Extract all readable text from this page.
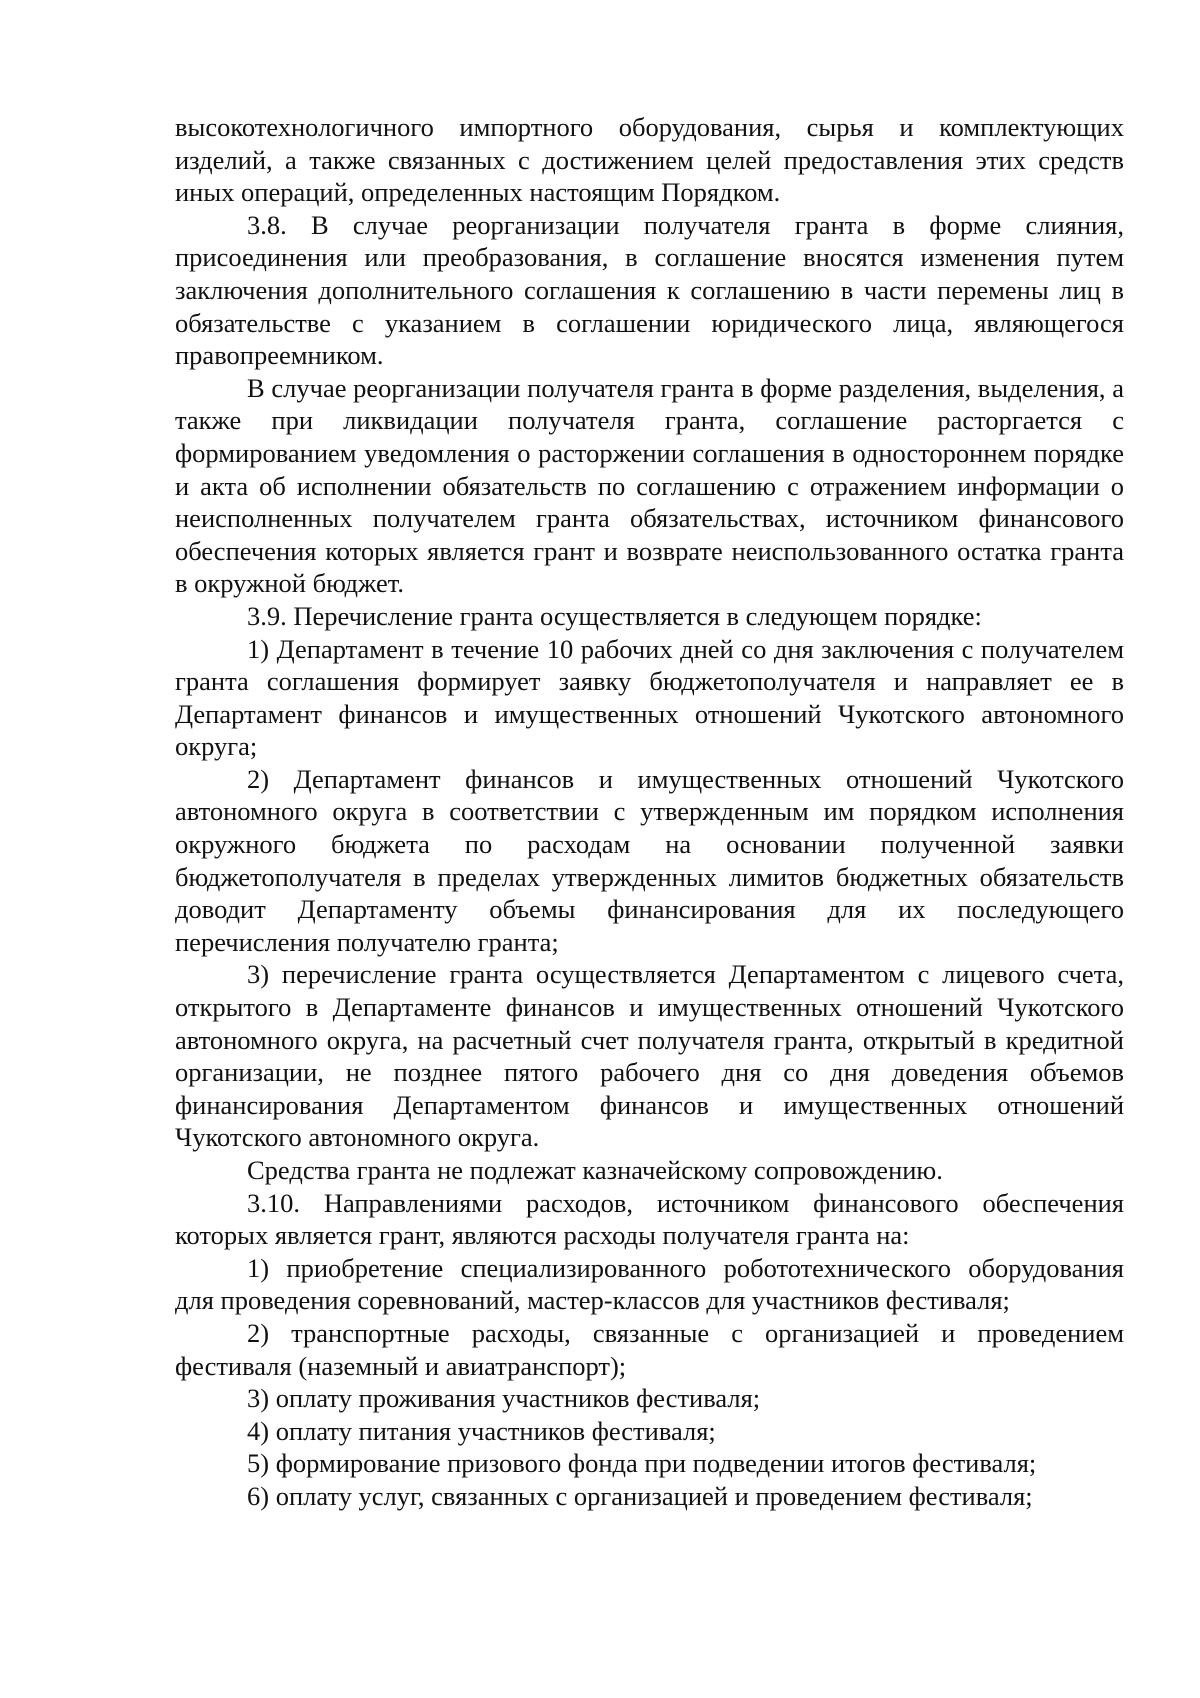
высокотехнологичного импортного оборудования, сырья и комплектующих изделий, а также связанных с достижением целей предоставления этих средств иных операций, определенных настоящим Порядком.

3.8. В случае реорганизации получателя гранта в форме слияния, присоединения или преобразования, в соглашение вносятся изменения путем заключения дополнительного соглашения к соглашению в части перемены лиц в обязательстве с указанием в соглашении юридического лица, являющегося правопреемником.

В случае реорганизации получателя гранта в форме разделения, выделения, а также при ликвидации получателя гранта, соглашение расторгается с формированием уведомления о расторжении соглашения в одностороннем порядке и акта об исполнении обязательств по соглашению с отражением информации о неисполненных получателем гранта обязательствах, источником финансового обеспечения которых является грант и возврате неиспользованного остатка гранта в окружной бюджет.

3.9. Перечисление гранта осуществляется в следующем порядке:

1) Департамент в течение 10 рабочих дней со дня заключения с получателем гранта соглашения формирует заявку бюджетополучателя и направляет ее в Департамент финансов и имущественных отношений Чукотского автономного округа;

2) Департамент финансов и имущественных отношений Чукотского автономного округа в соответствии с утвержденным им порядком исполнения окружного бюджета по расходам на основании полученной заявки бюджетополучателя в пределах утвержденных лимитов бюджетных обязательств доводит Департаменту объемы финансирования для их последующего перечисления получателю гранта;

3) перечисление гранта осуществляется Департаментом с лицевого счета, открытого в Департаменте финансов и имущественных отношений Чукотского автономного округа, на расчетный счет получателя гранта, открытый в кредитной организации, не позднее пятого рабочего дня со дня доведения объемов финансирования Департаментом финансов и имущественных отношений Чукотского автономного округа.

Средства гранта не подлежат казначейскому сопровождению.

3.10. Направлениями расходов, источником финансового обеспечения которых является грант, являются расходы получателя гранта на:

1) приобретение специализированного робототехнического оборудования для проведения соревнований, мастер-классов для участников фестиваля;

2) транспортные расходы, связанные с организацией и проведением фестиваля (наземный и авиатранспорт);

3) оплату проживания участников фестиваля;

4) оплату питания участников фестиваля;

5) формирование призового фонда при подведении итогов фестиваля;

6) оплату услуг, связанных с организацией и проведением фестиваля;
